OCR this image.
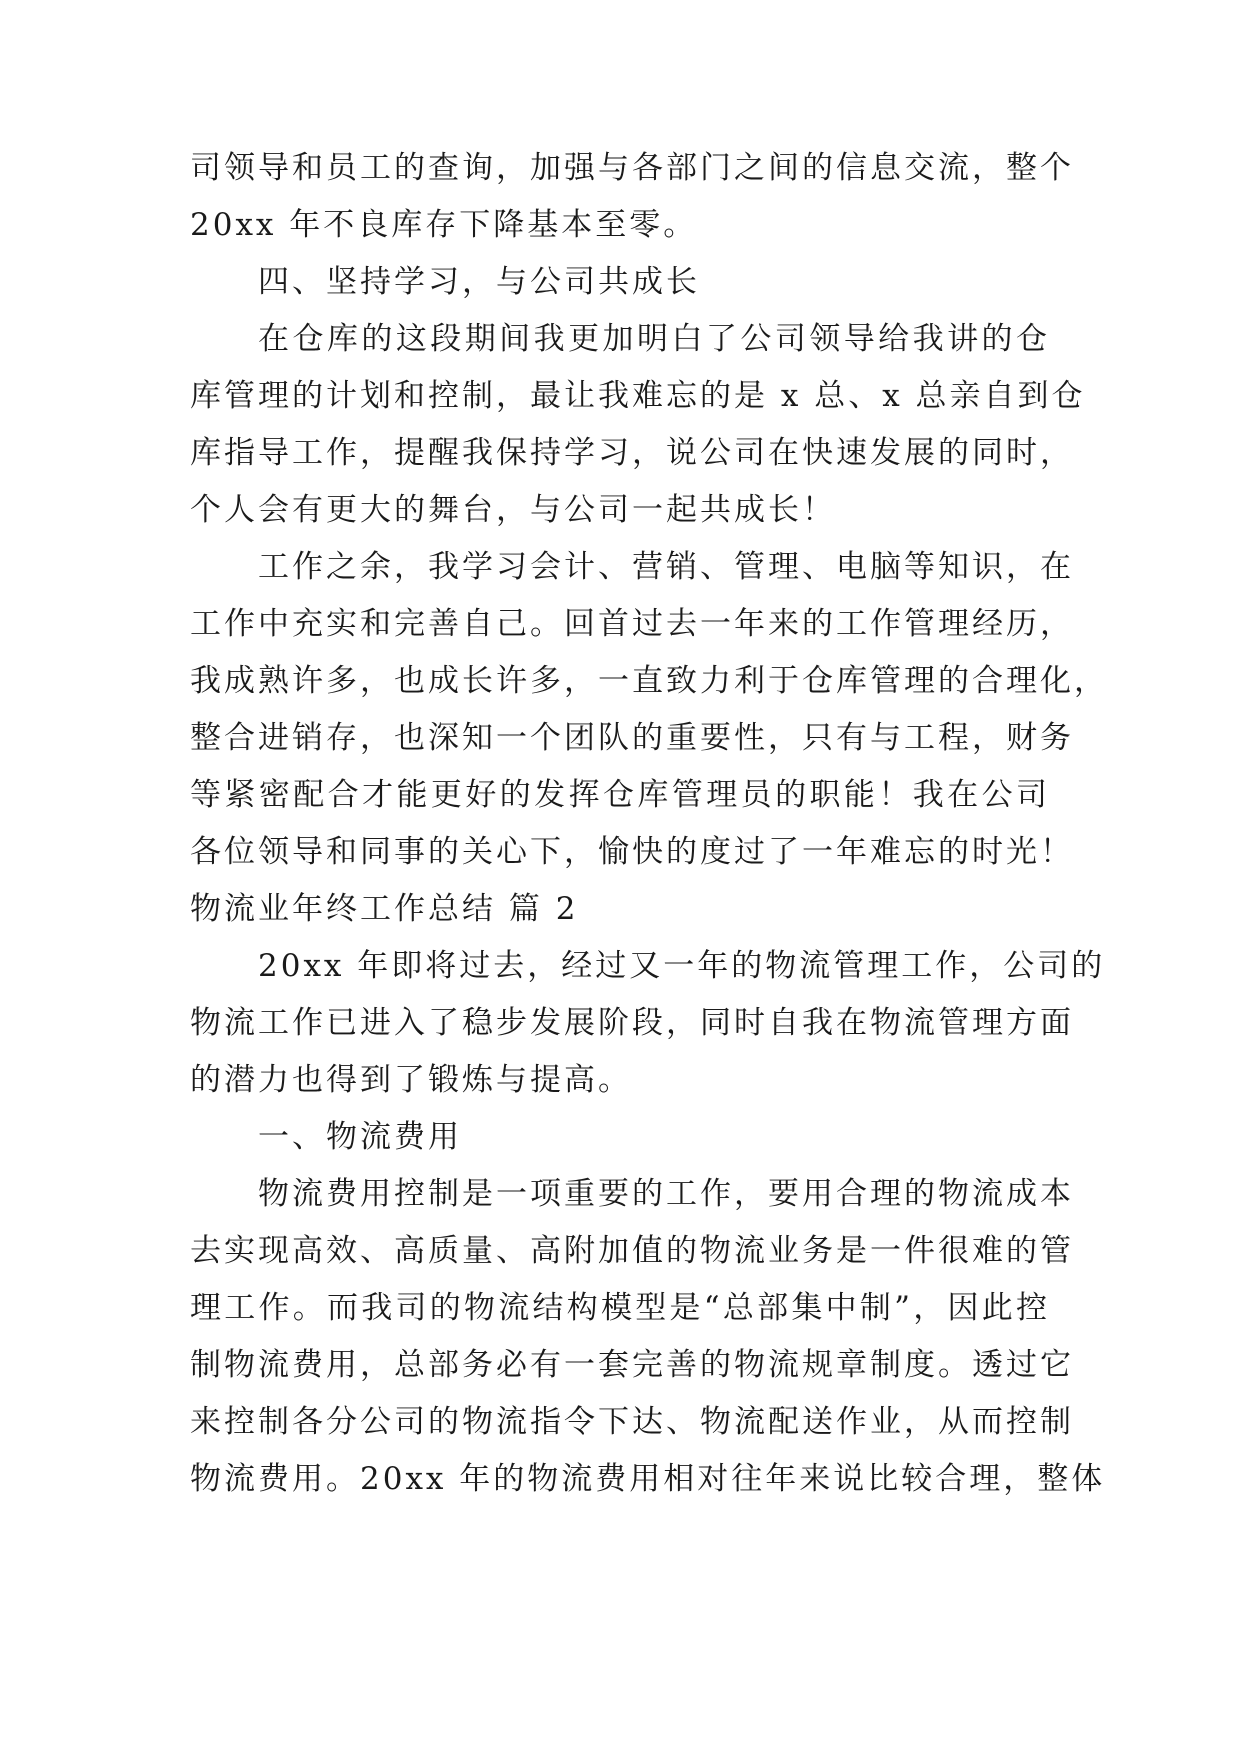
司领导和员工的查询，加强与各部门之间的信息交流，整个
20xx 年不良库存下降基本至零。
四、坚持学习，与公司共成长
在仓库的这段期间我更加明白了公司领导给我讲的仓
库管理的计划和控制，最让我难忘的是 x 总、x 总亲自到仓
库指导工作，提醒我保持学习，说公司在快速发展的同时，
个人会有更大的舞台，与公司一起共成长！
工作之余，我学习会计、营销、管理、电脑等知识，在
工作中充实和完善自己。回首过去一年来的工作管理经历，
我成熟许多，也成长许多，一直致力利于仓库管理的合理化，
整合进销存，也深知一个团队的重要性，只有与工程，财务
等紧密配合才能更好的发挥仓库管理员的职能！我在公司
各位领导和同事的关心下，愉快的度过了一年难忘的时光！
物流业年终工作总结 篇 2
20xx 年即将过去，经过又一年的物流管理工作，公司的
物流工作已进入了稳步发展阶段，同时自我在物流管理方面
的潜力也得到了锻炼与提高。
一、物流费用
物流费用控制是一项重要的工作，要用合理的物流成本
去实现高效、高质量、高附加值的物流业务是一件很难的管
理工作。而我司的物流结构模型是“总部集中制”，因此控
制物流费用，总部务必有一套完善的物流规章制度。透过它
来控制各分公司的物流指令下达、物流配送作业，从而控制
物流费用。20xx 年的物流费用相对往年来说比较合理，整体
